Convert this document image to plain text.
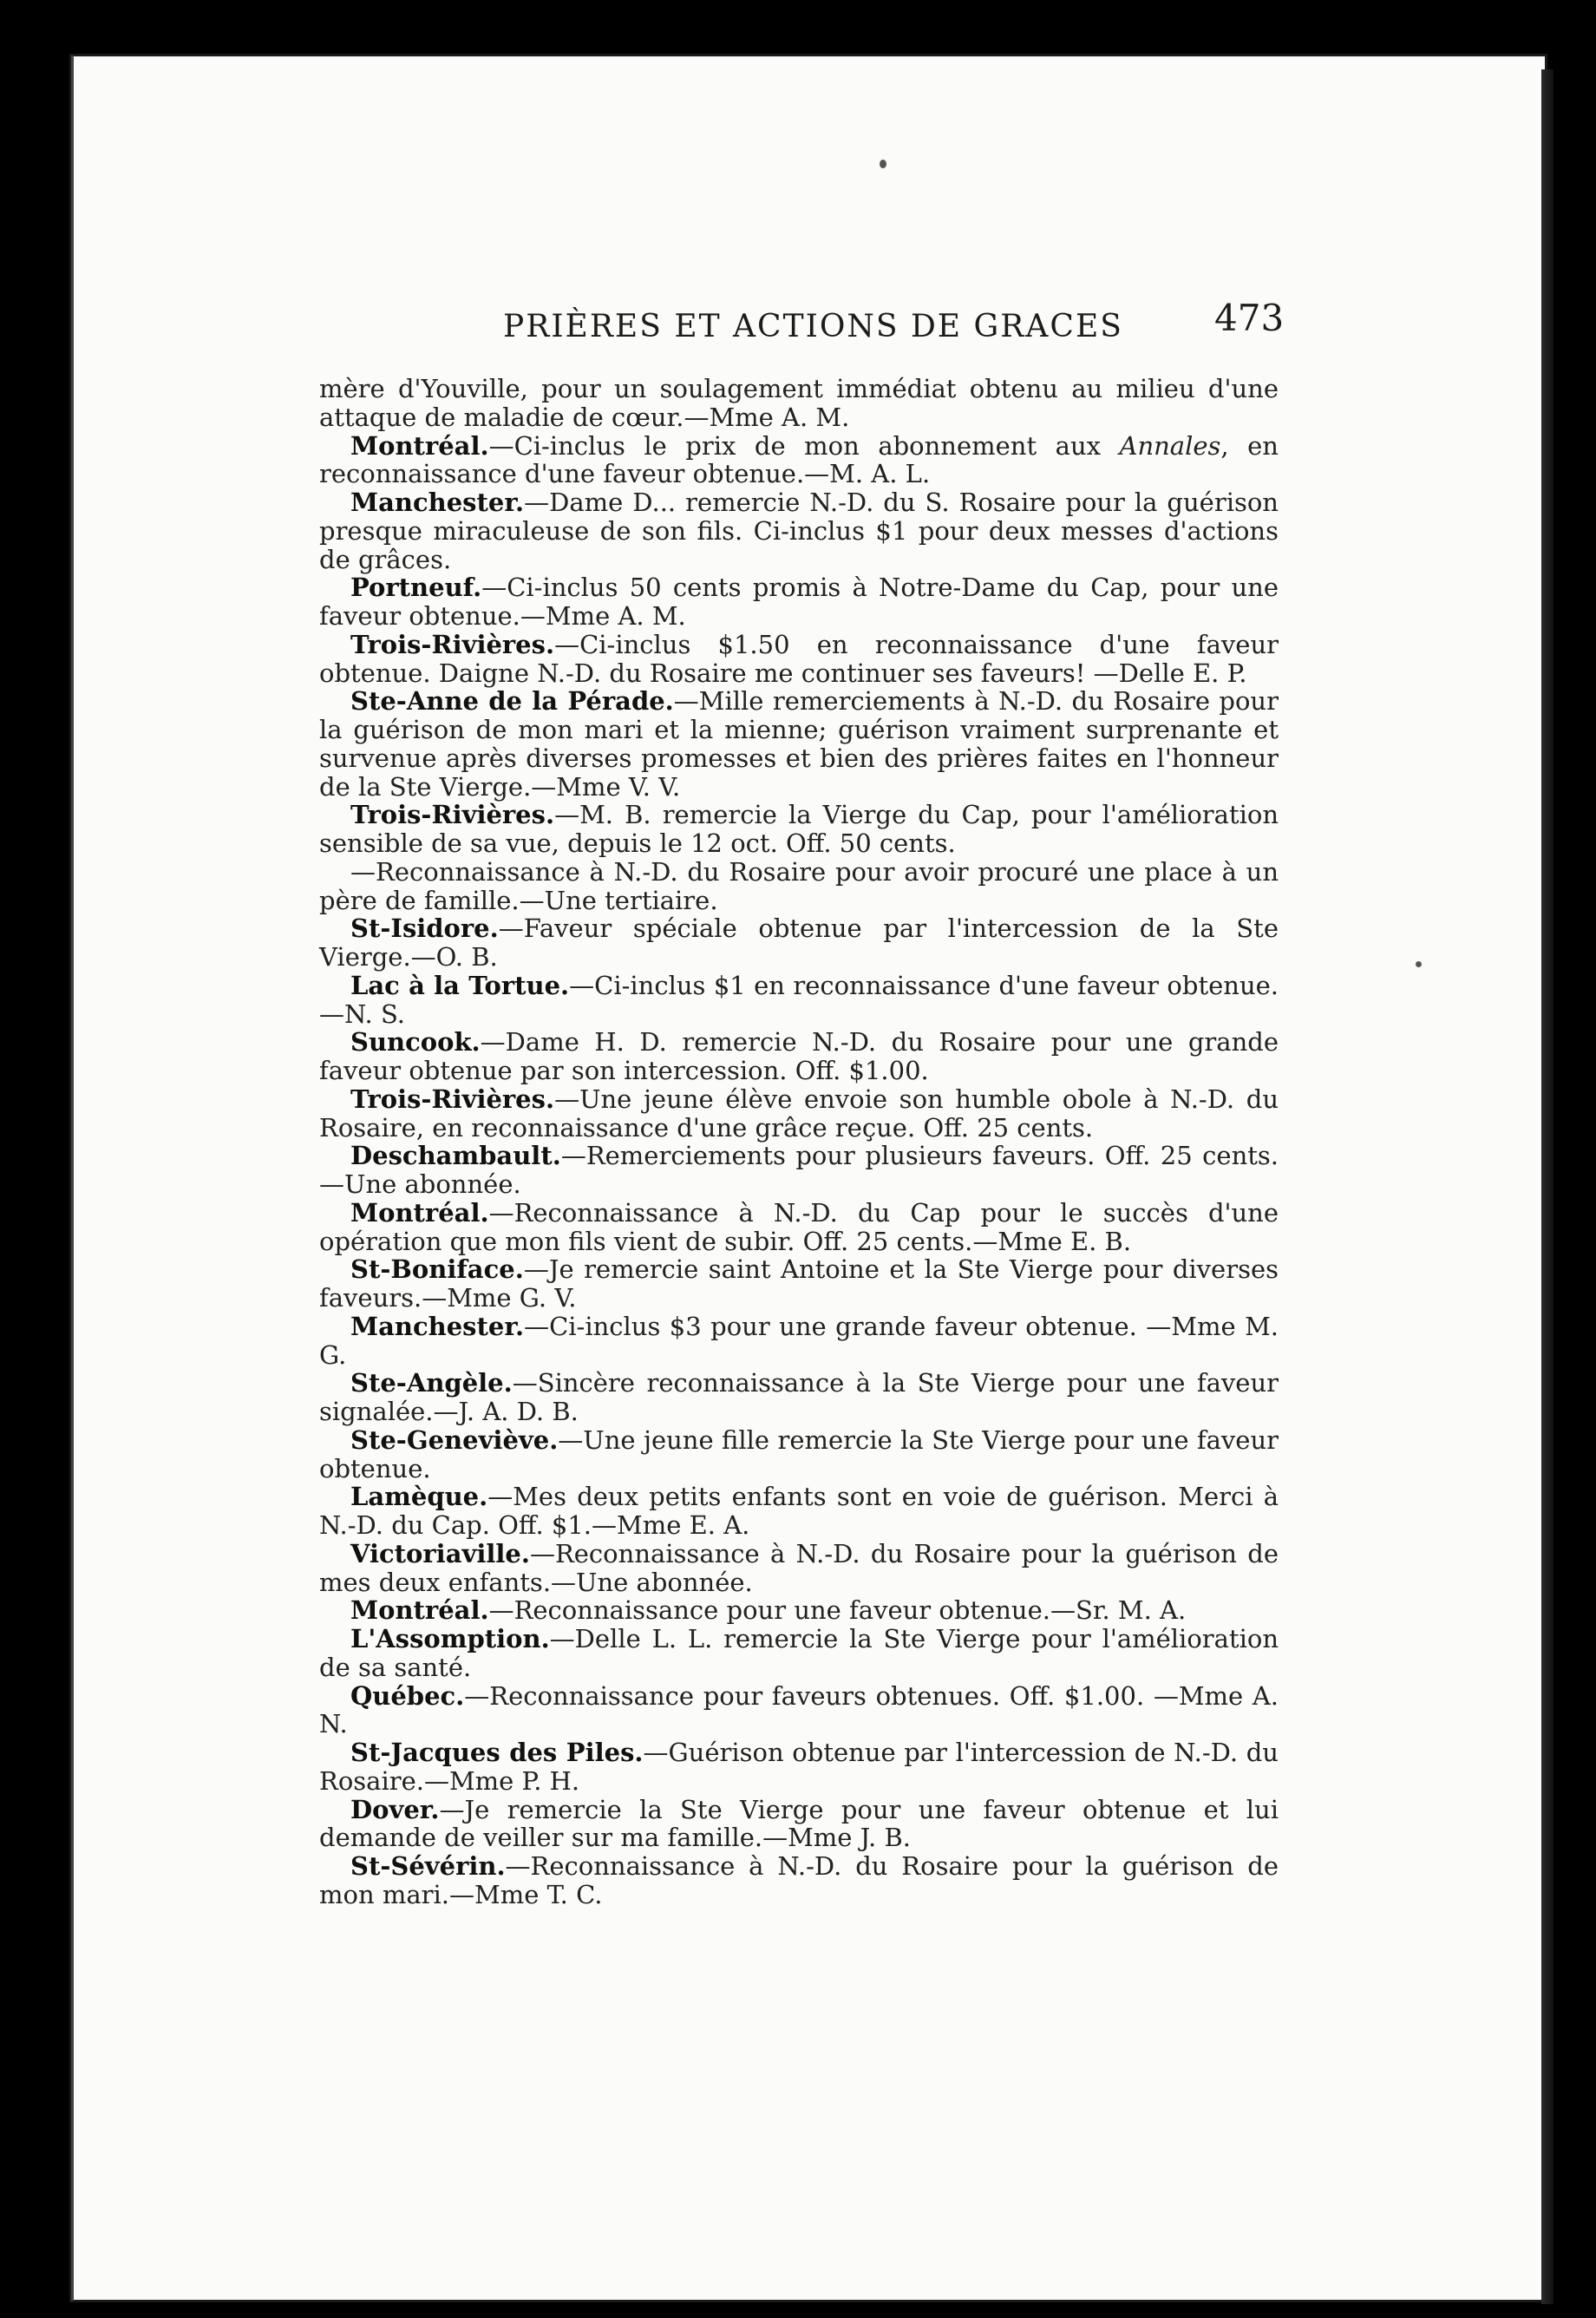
PRIÈRES ET ACTIONS DE GRACES	473

mère d'Youville, pour un soulagement immédiat obtenu au milieu d'une attaque de maladie de cœur.—Mme A. M.

Montréal.—Ci-inclus le prix de mon abonnement aux Annales, en reconnaissance d'une faveur obtenue.—M. A. L.

Manchester.—Dame D... remercie N.-D. du S. Rosaire pour la guérison presque miraculeuse de son fils. Ci-inclus $1 pour deux messes d'actions de grâces.

Portneuf.—Ci-inclus 50 cents promis à Notre-Dame du Cap, pour une faveur obtenue.—Mme A. M.

Trois-Rivières.—Ci-inclus $1.50 en reconnaissance d'une faveur obtenue. Daigne N.-D. du Rosaire me continuer ses faveurs! —Delle E. P.

Ste-Anne de la Pérade.—Mille remerciements à N.-D. du Rosaire pour la guérison de mon mari et la mienne; guérison vraiment surprenante et survenue après diverses promesses et bien des prières faites en l'honneur de la Ste Vierge.—Mme V. V.

Trois-Rivières.—M. B. remercie la Vierge du Cap, pour l'amélioration sensible de sa vue, depuis le 12 oct. Off. 50 cents.

—Reconnaissance à N.-D. du Rosaire pour avoir procuré une place à un père de famille.—Une tertiaire.

St-Isidore.—Faveur spéciale obtenue par l'intercession de la Ste Vierge.—O. B.

Lac à la Tortue.—Ci-inclus $1 en reconnaissance d'une faveur obtenue.—N. S.

Suncook.—Dame H. D. remercie N.-D. du Rosaire pour une grande faveur obtenue par son intercession. Off. $1.00.

Trois-Rivières.—Une jeune élève envoie son humble obole à N.-D. du Rosaire, en reconnaissance d'une grâce reçue. Off. 25 cents.

Deschambault.—Remerciements pour plusieurs faveurs. Off. 25 cents.—Une abonnée.

Montréal.—Reconnaissance à N.-D. du Cap pour le succès d'une opération que mon fils vient de subir. Off. 25 cents.—Mme E. B.

St-Boniface.—Je remercie saint Antoine et la Ste Vierge pour diverses faveurs.—Mme G. V.

Manchester.—Ci-inclus $3 pour une grande faveur obtenue. —Mme M. G.

Ste-Angèle.—Sincère reconnaissance à la Ste Vierge pour une faveur signalée.—J. A. D. B.

Ste-Geneviève.—Une jeune fille remercie la Ste Vierge pour une faveur obtenue.

Lamèque.—Mes deux petits enfants sont en voie de guérison. Merci à N.-D. du Cap. Off. $1.—Mme E. A.

Victoriaville.—Reconnaissance à N.-D. du Rosaire pour la guérison de mes deux enfants.—Une abonnée.

Montréal.—Reconnaissance pour une faveur obtenue.—Sr. M. A.

L'Assomption.—Delle L. L. remercie la Ste Vierge pour l'amélioration de sa santé.

Québec.—Reconnaissance pour faveurs obtenues. Off. $1.00. —Mme A. N.

St-Jacques des Piles.—Guérison obtenue par l'intercession de N.-D. du Rosaire.—Mme P. H.

Dover.—Je remercie la Ste Vierge pour une faveur obtenue et lui demande de veiller sur ma famille.—Mme J. B.

St-Sévérin.—Reconnaissance à N.-D. du Rosaire pour la guérison de mon mari.—Mme T. C.
